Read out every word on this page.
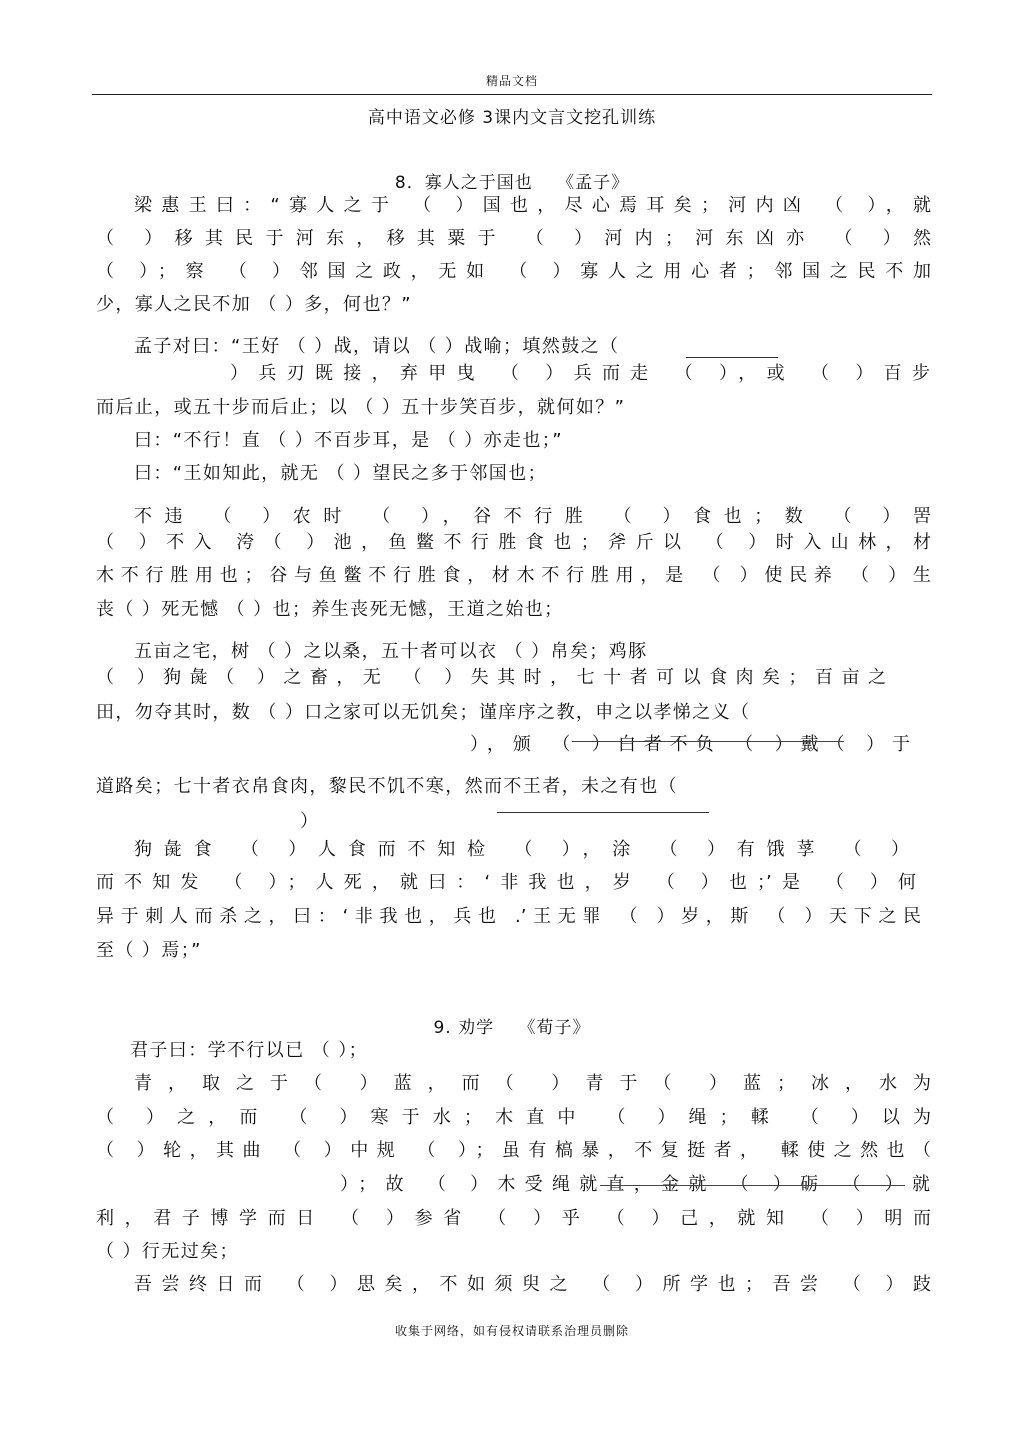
精品文档
高中语文必修 3课内文言文挖孔训练
8．寡人之于国也　 《孟子》
梁惠王曰：“寡人之于 （ ）国也，尽心焉耳矣；河内凶 （ ），就
（ ）移其民于河东，移其粟于 （ ）河内；河东凶亦 （ ）然
（ ）；察 （ ）邻国之政，无如 （ ）寡人之用心者；邻国之民不加
少，寡人之民不加 （ ）多，何也？”
孟子对曰：“王好 （ ）战，请以 （ ）战喻；填然鼓之（
）兵刃既接，弃甲曳 （ ）兵而走 （ ），或 （ ）百步
而后止，或五十步而后止；以 （ ）五十步笑百步，就何如？”
曰：“不行！直 （ ）不百步耳，是 （ ）亦走也；”
曰：“王如知此，就无 （ ）望民之多于邻国也；
不违 （ ）农时 （ ），谷不行胜 （ ）食也；数 （ ）罟
（ ）不入 洿（ ）池，鱼鳖不行胜食也；斧斤以 （ ）时入山林，材
木不行胜用也；谷与鱼鳖不行胜食，材木不行胜用，是 （ ）使民养 （ ）生
丧（ ）死无憾 （ ）也；养生丧死无憾，王道之始也；
五亩之宅，树 （ ）之以桑，五十者可以衣 （ ）帛矣；鸡豚
（ ）狗彘（ ）之畜，无 （ ）失其时，七十者可以食肉矣；百亩之
田，勿夺其时，数 （ ）口之家可以无饥矣；谨庠序之教，申之以孝悌之义（
），颁 （ ）白者不负 （ ）戴（ ）于
道路矣；七十者衣帛食肉，黎民不饥不寒，然而不王者，未之有也（
）
狗彘食 （ ）人食而不知检 （ ），涂 （ ）有饿莩 （ ）
而不知发 （ ）；人死，就曰：‘非我也，岁 （ ）也；’是 （ ）何
异于刺人而杀之，曰：‘非我也，兵也 .’王无罪 （ ）岁，斯 （ ）天下之民
至（ ）焉；”
9. 劝学　 《荀子》
君子曰：学不行以已 （ ）；
青，取之于（ ）蓝，而（ ）青于（ ）蓝；冰，水为
（ ）之，而 （ ）寒于水；木直中 （ ）绳；輮 （ ）以为
（ ）轮，其曲 （ ）中规 （ ）；虽有槁暴，不复挺者， 輮使之然也（
）；故 （ ）木受绳就直，金就 （ ）砺 （ ）就
利，君子博学而日 （ ）参省 （ ）乎 （ ）己，就知 （ ）明而
（ ）行无过矣；
吾尝终日而 （ ）思矣，不如须臾之 （ ）所学也；吾尝 （ ）跂
收集于网络，如有侵权请联系治理员删除
